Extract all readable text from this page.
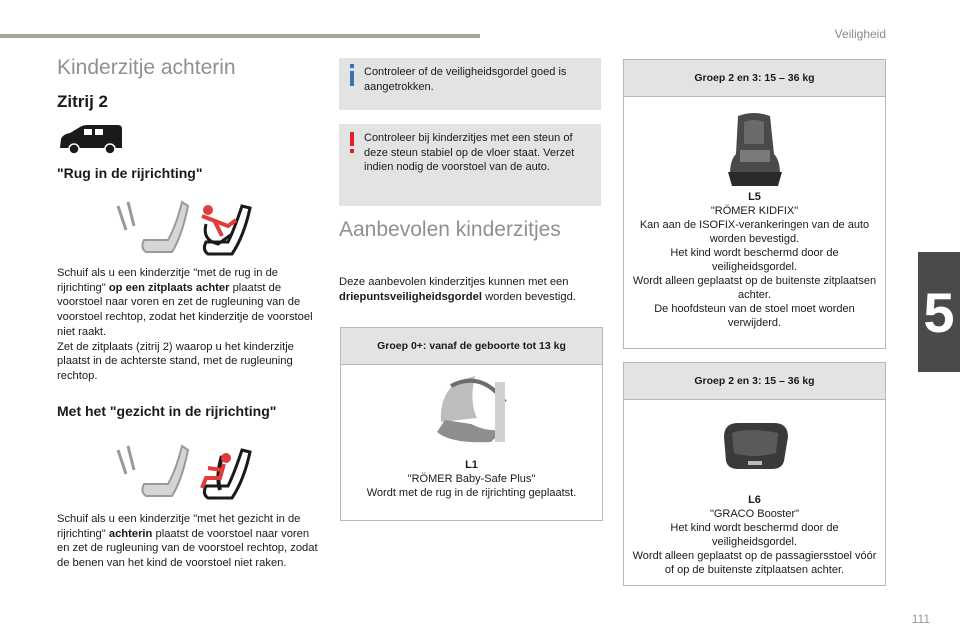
Veiligheid
5
111
Kinderzitje achterin
Zitrij 2
"Rug in de rijrichting"
Schuif als u een kinderzitje "met de rug in de rijrichting" op een zitplaats achter plaatst de voorstoel naar voren en zet de rugleuning van de voorstoel rechtop, zodat het kinderzitje de voorstoel niet raakt.
Zet de zitplaats (zitrij 2) waarop u het kinderzitje plaatst in de achterste stand, met de rugleuning rechtop.
Met het "gezicht in de rijrichting"
Schuif als u een kinderzitje "met het gezicht in de rijrichting" achterin plaatst de voorstoel naar voren en zet de rugleuning van de voorstoel rechtop, zodat de benen van het kind de voorstoel niet raken.
Controleer of de veiligheidsgordel goed is aangetrokken.
Controleer bij kinderzitjes met een steun of deze steun stabiel op de vloer staat. Verzet indien nodig de voorstoel van de auto.
Aanbevolen kinderzitjes
Deze aanbevolen kinderzitjes kunnen met een driepuntsveiligheidsgordel worden bevestigd.
Groep 0+: vanaf de geboorte tot 13 kg
L1
"RÖMER Baby-Safe Plus"
Wordt met de rug in de rijrichting geplaatst.
Groep 2 en 3: 15 – 36 kg
L5
"RÖMER KIDFIX"
Kan aan de ISOFIX-verankeringen van de auto worden bevestigd.
Het kind wordt beschermd door de veiligheidsgordel.
Wordt alleen geplaatst op de buitenste zitplaatsen achter.
De hoofdsteun van de stoel moet worden verwijderd.
Groep 2 en 3: 15 – 36 kg
L6
"GRACO Booster"
Het kind wordt beschermd door de veiligheidsgordel.
Wordt alleen geplaatst op de passagiersstoel vóór of op de buitenste zitplaatsen achter.
